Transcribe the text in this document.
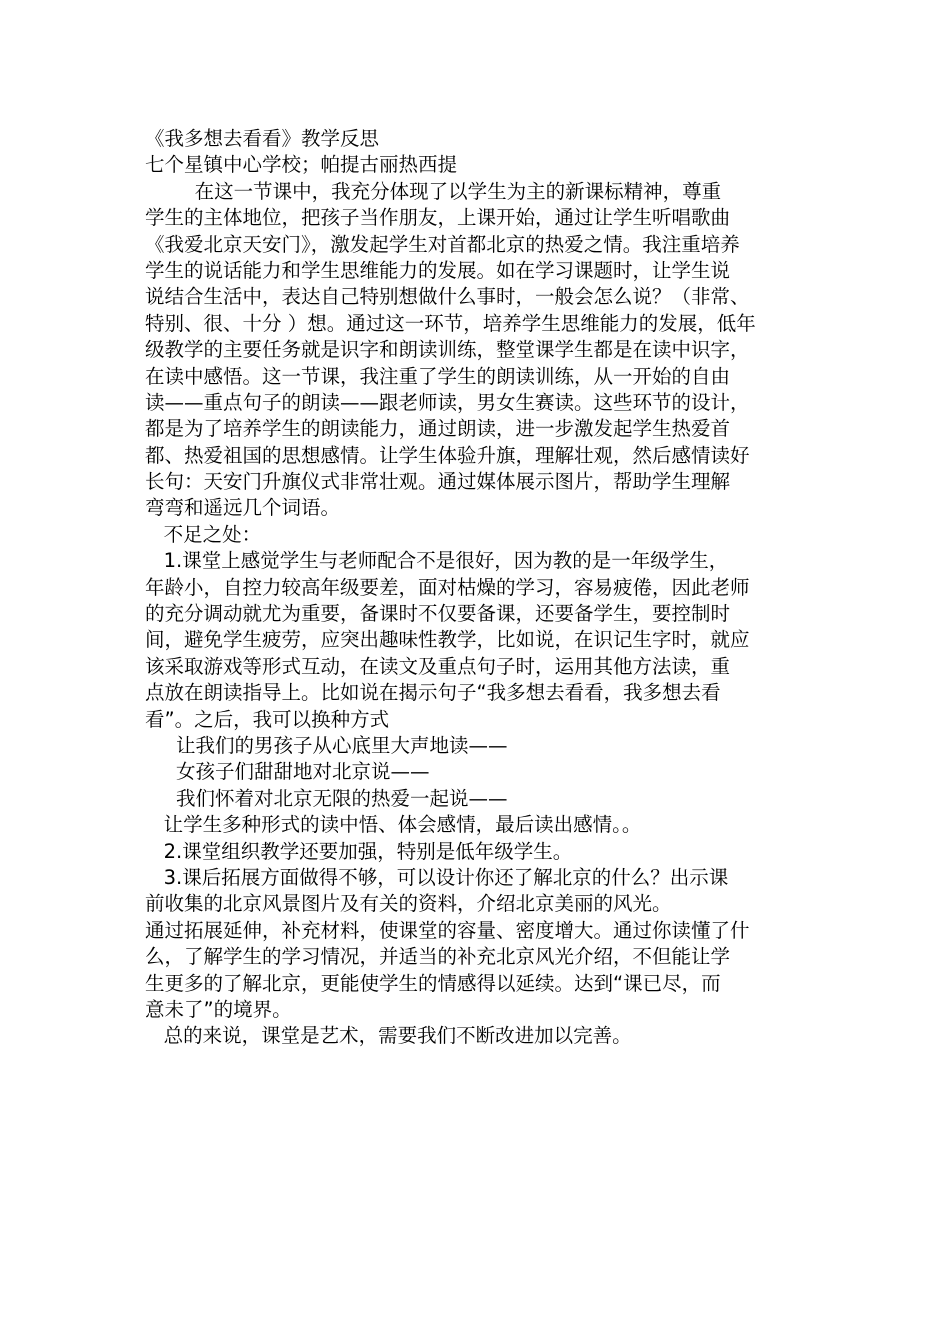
《我多想去看看》教学反思

七个星镇中心学校；帕提古丽热西提

在这一节课中，我充分体现了以学生为主的新课标精神，尊重

学生的主体地位，把孩子当作朋友，上课开始，通过让学生听唱歌曲

《我爱北京天安门》，激发起学生对首都北京的热爱之情。我注重培养

学生的说话能力和学生思维能力的发展。如在学习课题时，让学生说

说结合生活中，表达自己特别想做什么事时，一般会怎么说？（非常、

特别、很、十分 ）想。通过这一环节，培养学生思维能力的发展，低年

级教学的主要任务就是识字和朗读训练，整堂课学生都是在读中识字，

在读中感悟。这一节课，我注重了学生的朗读训练，从一开始的自由

读——重点句子的朗读——跟老师读，男女生赛读。这些环节的设计，

都是为了培养学生的朗读能力，通过朗读，进一步激发起学生热爱首

都、热爱祖国的思想感情。让学生体验升旗，理解壮观，然后感情读好

长句：天安门升旗仪式非常壮观。通过媒体展示图片，帮助学生理解

弯弯和遥远几个词语。

不足之处：

1.课堂上感觉学生与老师配合不是很好，因为教的是一年级学生，

年龄小，自控力较高年级要差，面对枯燥的学习，容易疲倦，因此老师

的充分调动就尤为重要，备课时不仅要备课，还要备学生，要控制时

间，避免学生疲劳，应突出趣味性教学，比如说，在识记生字时，就应

该采取游戏等形式互动，在读文及重点句子时，运用其他方法读，重

点放在朗读指导上。比如说在揭示句子“我多想去看看，我多想去看

看”。之后，我可以换种方式

让我们的男孩子从心底里大声地读——

女孩子们甜甜地对北京说——

我们怀着对北京无限的热爱一起说——

让学生多种形式的读中悟、体会感情，最后读出感情。。

2.课堂组织教学还要加强，特别是低年级学生。

3.课后拓展方面做得不够，可以设计你还了解北京的什么？出示课

前收集的北京风景图片及有关的资料，介绍北京美丽的风光。

通过拓展延伸，补充材料，使课堂的容量、密度增大。通过你读懂了什

么，了解学生的学习情况，并适当的补充北京风光介绍，不但能让学

生更多的了解北京，更能使学生的情感得以延续。达到“课已尽，而

意未了”的境界。

总的来说，课堂是艺术，需要我们不断改进加以完善。
